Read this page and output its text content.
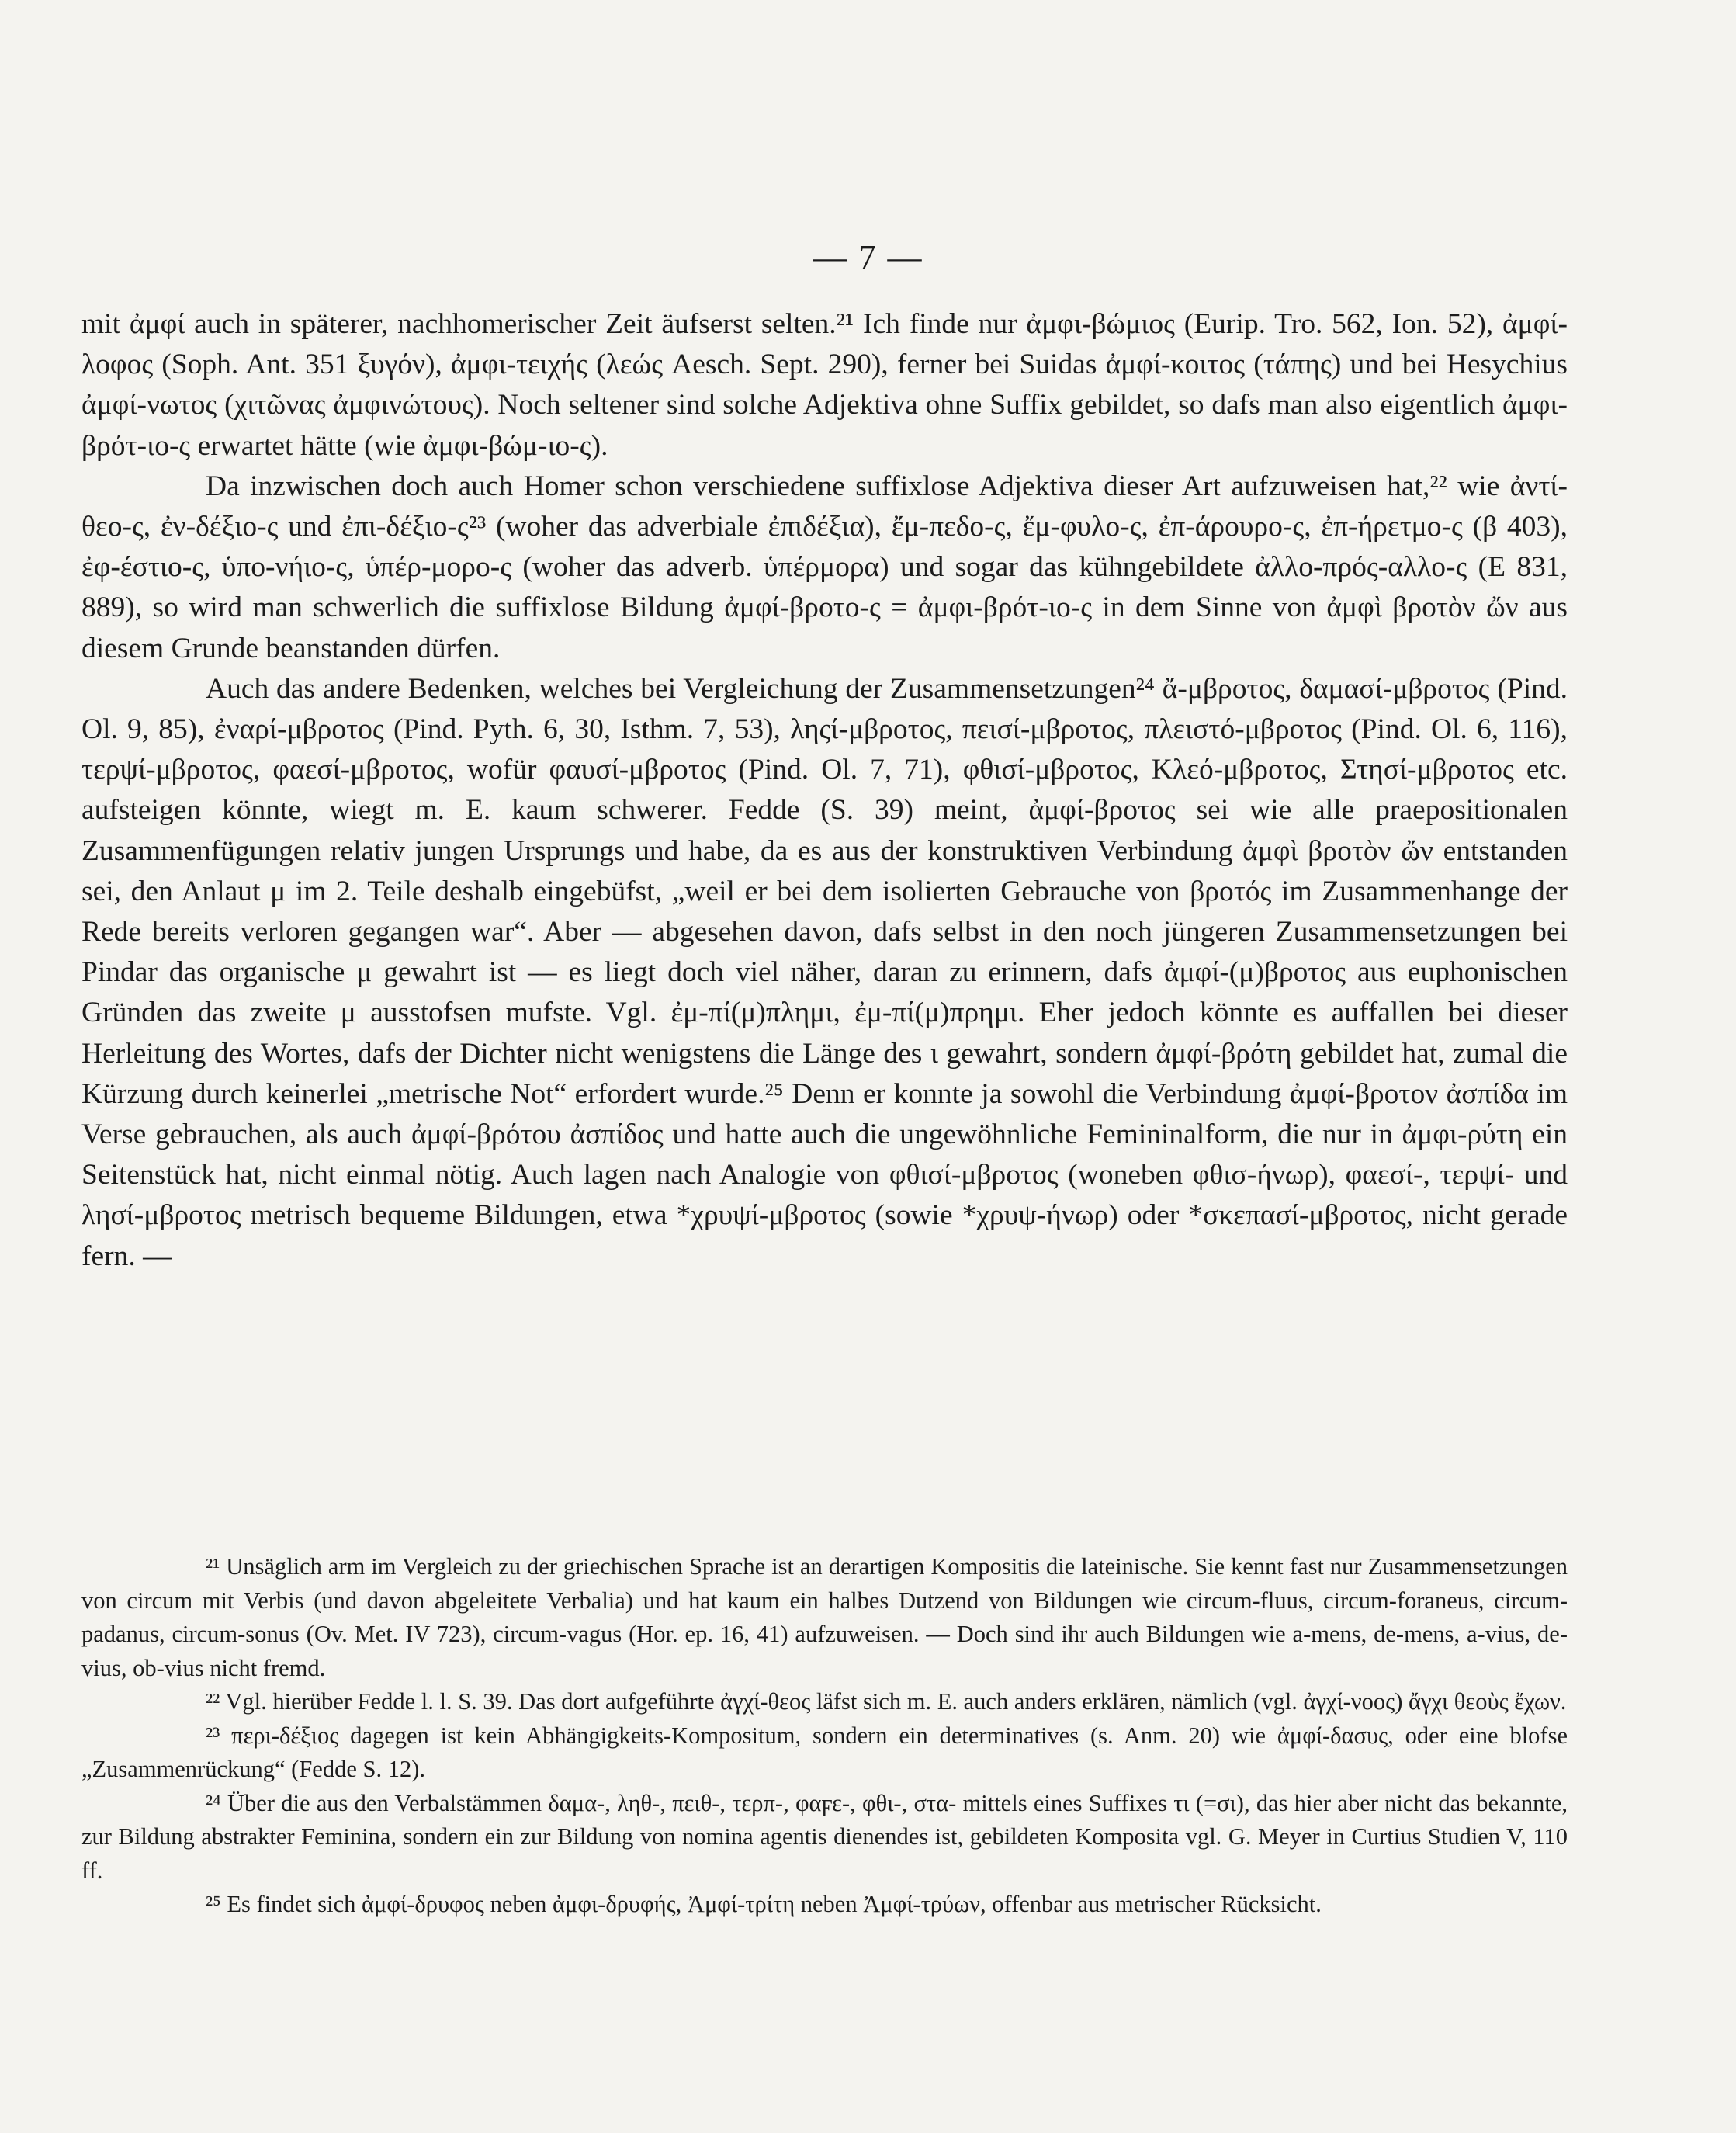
— 7 —

mit ἀμφί auch in späterer, nachhomerischer Zeit äufserst selten.²¹ Ich finde nur ἀμφι-βώμιος (Eurip. Tro. 562, Ion. 52), ἀμφί-λοφος (Soph. Ant. 351 ξυγόν), ἀμφι-τειχής (λεώς Aesch. Sept. 290), ferner bei Suidas ἀμφί-κοιτος (τάπης) und bei Hesychius ἀμφί-νωτος (χιτῶνας ἀμφινώτους). Noch seltener sind solche Adjektiva ohne Suffix gebildet, so dafs man also eigentlich ἀμφι-βρότ-ιο-ς erwartet hätte (wie ἀμφι-βώμ-ιο-ς).

Da inzwischen doch auch Homer schon verschiedene suffixlose Adjektiva dieser Art aufzuweisen hat,²² wie ἀντί-θεο-ς, ἐν-δέξιο-ς und ἐπι-δέξιο-ς²³ (woher das adverbiale ἐπιδέξια), ἔμ-πεδο-ς, ἔμ-φυλο-ς, ἐπ-άρουρο-ς, ἐπ-ήρετμο-ς (β 403), ἐφ-έστιο-ς, ὑπο-νήιο-ς, ὑπέρ-μορο-ς (woher das adverb. ὑπέρμορα) und sogar das kühngebildete ἀλλο-πρός-αλλο-ς (E 831, 889), so wird man schwerlich die suffixlose Bildung ἀμφί-βροτο-ς = ἀμφι-βρότ-ιο-ς in dem Sinne von ἀμφὶ βροτὸν ὤν aus diesem Grunde beanstanden dürfen.

Auch das andere Bedenken, welches bei Vergleichung der Zusammensetzungen²⁴ ἄ-μβροτος, δαμασί-μβροτος (Pind. Ol. 9, 85), ἐναρί-μβροτος (Pind. Pyth. 6, 30, Isthm. 7, 53), ληςί-μβροτος, πεισί-μβροτος, πλειστό-μβροτος (Pind. Ol. 6, 116), τερψί-μβροτος, φαεσί-μβροτος, wofür φαυσί-μβροτος (Pind. Ol. 7, 71), φθισί-μβροτος, Κλεό-μβροτος, Στησί-μβροτος etc. aufsteigen könnte, wiegt m. E. kaum schwerer. Fedde (S. 39) meint, ἀμφί-βροτος sei wie alle praepositionalen Zusammenfügungen relativ jungen Ursprungs und habe, da es aus der konstruktiven Verbindung ἀμφὶ βροτὸν ὤν entstanden sei, den Anlaut μ im 2. Teile deshalb eingebüfst, „weil er bei dem isolierten Gebrauche von βροτός im Zusammenhange der Rede bereits verloren gegangen war“. Aber — abgesehen davon, dafs selbst in den noch jüngeren Zusammensetzungen bei Pindar das organische μ gewahrt ist — es liegt doch viel näher, daran zu erinnern, dafs ἀμφί-(μ)βροτος aus euphonischen Gründen das zweite μ ausstofsen mufste. Vgl. ἐμ-πί(μ)πλημι, ἐμ-πί(μ)πρημι. Eher jedoch könnte es auffallen bei dieser Herleitung des Wortes, dafs der Dichter nicht wenigstens die Länge des ι gewahrt, sondern ἀμφί-βρότη gebildet hat, zumal die Kürzung durch keinerlei „metrische Not“ erfordert wurde.²⁵ Denn er konnte ja sowohl die Verbindung ἀμφί-βροτον ἀσπίδα im Verse gebrauchen, als auch ἀμφί-βρότου ἀσπίδος und hatte auch die ungewöhnliche Femininalform, die nur in ἀμφι-ρύτη ein Seitenstück hat, nicht einmal nötig. Auch lagen nach Analogie von φθισί-μβροτος (woneben φθισ-ήνωρ), φαεσί-, τερψί- und λησί-μβροτος metrisch bequeme Bildungen, etwa *χρυψί-μβροτος (sowie *χρυψ-ήνωρ) oder *σκεπασί-μβροτος, nicht gerade fern. —

²¹ Unsäglich arm im Vergleich zu der griechischen Sprache ist an derartigen Kompositis die lateinische. Sie kennt fast nur Zusammensetzungen von circum mit Verbis (und davon abgeleitete Verbalia) und hat kaum ein halbes Dutzend von Bildungen wie circum-fluus, circum-foraneus, circum-padanus, circum-sonus (Ov. Met. IV 723), circum-vagus (Hor. ep. 16, 41) aufzuweisen. — Doch sind ihr auch Bildungen wie a-mens, de-mens, a-vius, de-vius, ob-vius nicht fremd.

²² Vgl. hierüber Fedde l. l. S. 39. Das dort aufgeführte ἀγχί-θεος läfst sich m. E. auch anders erklären, nämlich (vgl. ἀγχί-νοος) ἄγχι θεοὺς ἔχων.

²³ περι-δέξιος dagegen ist kein Abhängigkeits-Kompositum, sondern ein determinatives (s. Anm. 20) wie ἀμφί-δασυς, oder eine blofse „Zusammenrückung“ (Fedde S. 12).

²⁴ Über die aus den Verbalstämmen δαμα-, ληθ-, πειθ-, τερπ-, φαϝε-, φθι-, στα- mittels eines Suffixes τι (=σι), das hier aber nicht das bekannte, zur Bildung abstrakter Feminina, sondern ein zur Bildung von nomina agentis dienendes ist, gebildeten Komposita vgl. G. Meyer in Curtius Studien V, 110 ff.

²⁵ Es findet sich ἀμφί-δρυφος neben ἀμφι-δρυφής, Ἀμφί-τρίτη neben Ἀμφί-τρύων, offenbar aus metrischer Rücksicht.
